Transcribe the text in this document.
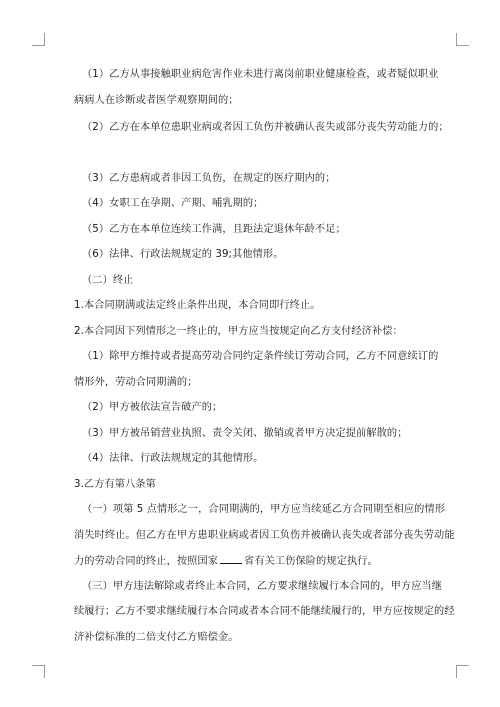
（1）乙方从事接触职业病危害作业未进行离岗前职业健康检查，或者疑似职业
病病人在诊断或者医学观察期间的；
（2）乙方在本单位患职业病或者因工负伤并被确认丧失或部分丧失劳动能力的；
（3）乙方患病或者非因工负伤，在规定的医疗期内的；
（4）女职工在孕期、产期、哺乳期的；
（5）乙方在本单位连续工作满，且距法定退休年龄不足；
（6）法律、行政法规规定的 39;其他情形。
（二）终止
1.本合同期满或法定终止条件出现，本合同即行终止。
2.本合同因下列情形之一终止的，甲方应当按规定向乙方支付经济补偿：
（1）除甲方维持或者提高劳动合同约定条件续订劳动合同，乙方不同意续订的
情形外，劳动合同期满的；
（2）甲方被依法宣告破产的；
（3）甲方被吊销营业执照、责令关闭、撤销或者甲方决定提前解散的；
（4）法律、行政法规规定的其他情形。
3.乙方有第八条第
（一）项第 5 点情形之一，合同期满的，甲方应当续延乙方合同期至相应的情形
消失时终止。但乙方在甲方患职业病或者因工负伤并被确认丧失或者部分丧失劳动能
力的劳动合同的终止，按照国家	省有关工伤保险的规定执行。
（三）甲方违法解除或者终止本合同，乙方要求继续履行本合同的，甲方应当继
续履行；乙方不要求继续履行本合同或者本合同不能继续履行的，甲方应按规定的经
济补偿标准的二倍支付乙方赔偿金。
